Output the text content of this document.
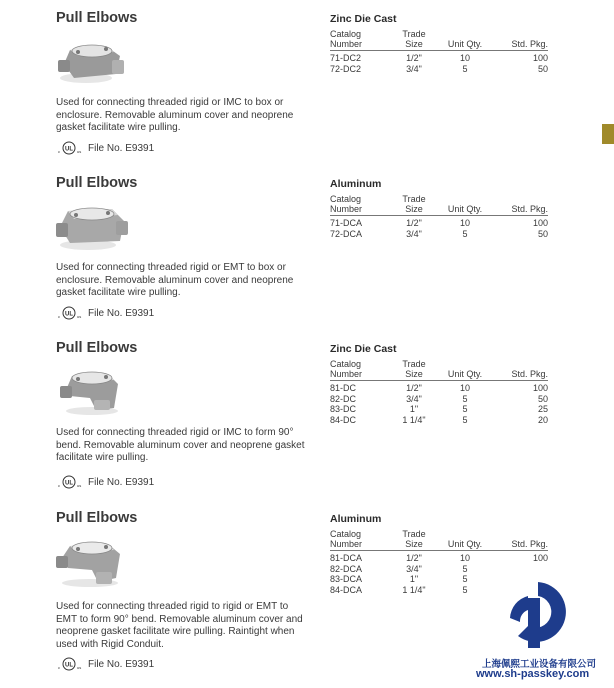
Pull Elbows
Used for connecting threaded rigid or IMC to box or enclosure. Removable aluminum cover and neoprene gasket facilitate wire pulling.
UL
c	us File No. E9391
Zinc Die Cast
Catalog Number	Trade Size	Unit Qty.	Std. Pkg.
71-DC2	1/2"	10	100
72-DC2	3/4"	5	50
Pull Elbows
Used for connecting threaded rigid or EMT to box or enclosure. Removable aluminum cover and neoprene gasket facilitate wire pulling.
UL
c	us File No. E9391
Aluminum
Catalog Number	Trade Size	Unit Qty.	Std. Pkg.
71-DCA	1/2"	10	100
72-DCA	3/4"	5	50
Pull Elbows
Used for connecting threaded rigid or IMC to form 90° bend. Removable aluminum cover and neoprene gasket facilitate wire pulling.
UL
c	us File No. E9391
Zinc Die Cast
Catalog Number	Trade Size	Unit Qty.	Std. Pkg.
81-DC	1/2"	10	100
82-DC	3/4"	5	50
83-DC	1"	5	25
84-DC	1 1/4"	5	20
Pull Elbows
Used for connecting threaded rigid to rigid or EMT to EMT to form 90° bend. Removable aluminum cover and neoprene gasket facilitate wire pulling. Raintight when used with Rigid Conduit.
UL
c	us File No. E9391
Aluminum
Catalog Number	Trade Size	Unit Qty.	Std. Pkg.
81-DCA	1/2"	10	100
82-DCA	3/4"	5	
83-DCA	1"	5	
84-DCA	1 1/4"	5	
上海佩熙工业设备有限公司
www.sh-passkey.com
